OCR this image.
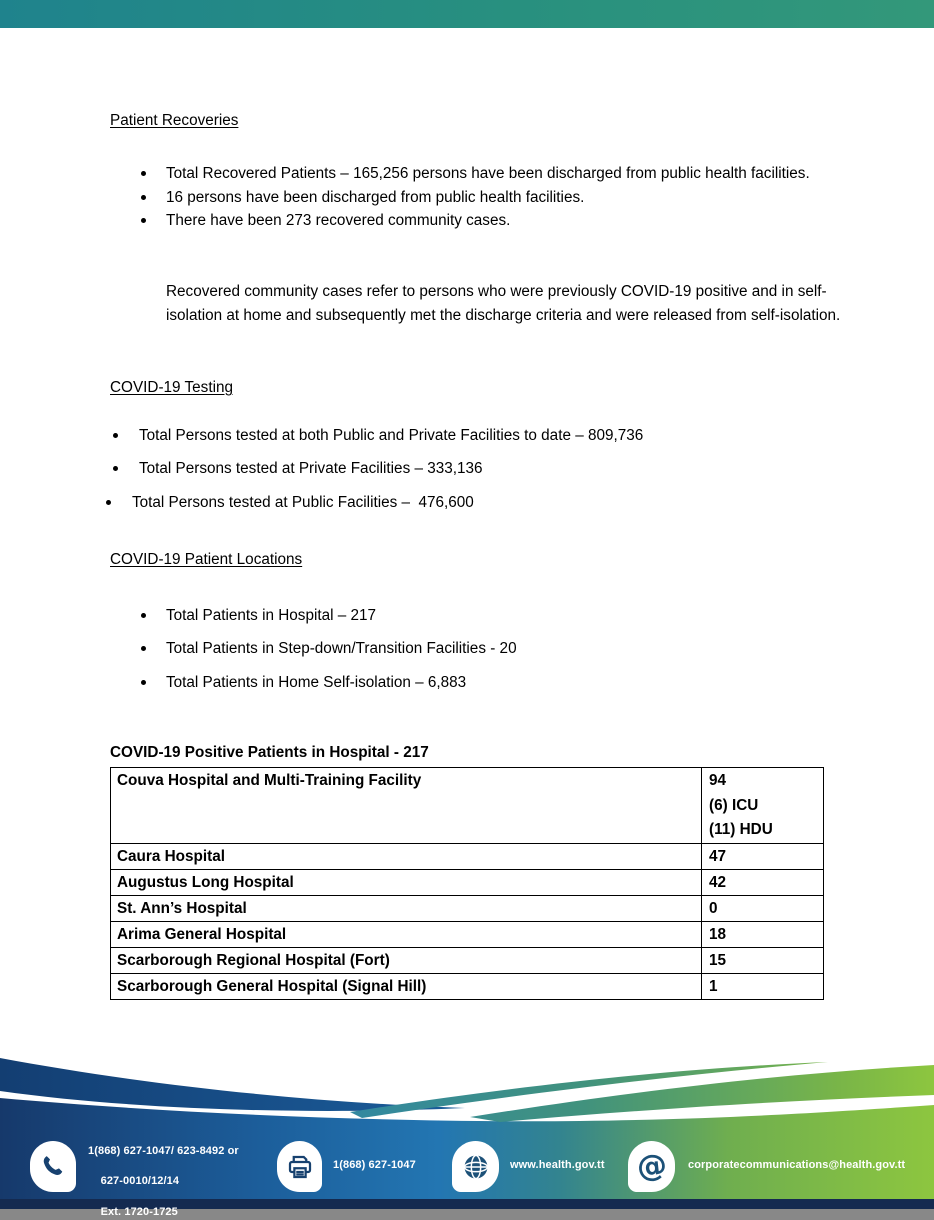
Patient Recoveries
Total Recovered Patients – 165,256 persons have been discharged from public health facilities.
16 persons have been discharged from public health facilities.
There have been 273 recovered community cases.
Recovered community cases refer to persons who were previously COVID-19 positive and in self-isolation at home and subsequently met the discharge criteria and were released from self-isolation.
COVID-19 Testing
Total Persons tested at both Public and Private Facilities to date – 809,736
Total Persons tested at Private Facilities – 333,136
Total Persons tested at Public Facilities –  476,600
COVID-19 Patient Locations
Total Patients in Hospital – 217
Total Patients in Step-down/Transition Facilities - 20
Total Patients in Home Self-isolation – 6,883
COVID-19 Positive Patients in Hospital - 217
Couva Hospital and Multi-Training Facility	94
(6) ICU
(11) HDU
Caura Hospital	47
Augustus Long Hospital	42
St. Ann’s Hospital	0
Arima General Hospital	18
Scarborough Regional Hospital (Fort)	15
Scarborough General Hospital (Signal Hill)	1
1(868) 627-1047/ 623-8492 or

627-0010/12/14

Ext. 1720-1725
1(868) 627-1047	www.health.gov.tt @ corporatecommunications@health.gov.tt
